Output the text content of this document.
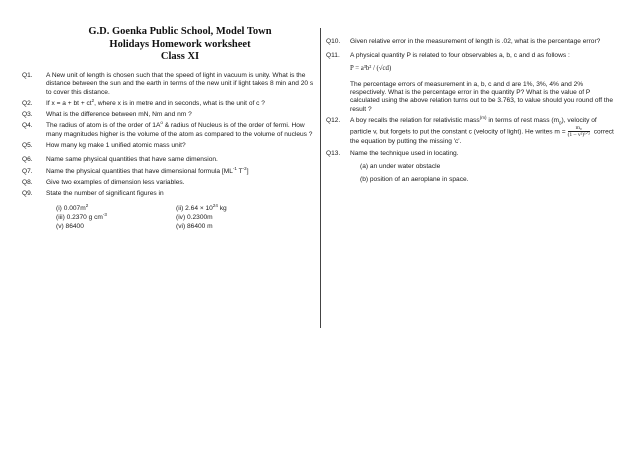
G.D. Goenka Public School, Model Town
Holidays Homework worksheet
Class XI
Q1. A New unit of length is chosen such that the speed of light in vacuum is unity. What is the distance between the sun and the earth in terms of the new unit if light takes 8 min and 20 s to cover this distance.
Q2. If x = a + bt + $ct^2$, where x is in metre and in seconds, what is the unit of c ?
Q3. What is the difference between mN, Nm and nm ?
Q4. The radius of atom is of the order of $1A^o$ & radius of Nucleus is of the order of fermi. How many magnitudes higher is the volume of the atom as compared to the volume of nucleus ?
Q5. How many kg make 1 unified atomic mass unit?
Q6. Name same physical quantities that have same dimension.
Q7. Name the physical quantities that have dimensional formula [$ML^{-1}$ $T^{-2}$]
Q8. Give two examples of dimension less variables.
Q9. State the number of significant figures in
(i) $0.007m^2$	(ii) $2.64 \times 10^{24}$ kg
(iii) 0.2370 g $cm^{-3}$	(iv) 0.2300m
(v) 86400	(vi) 86400 m
Q10. Given relative error in the measurement of length is .02, what is the percentage error?
Q11. A physical quantity P is related to four observables a, b, c and d as follows :
P = a³b² / (√cd)
The percentage errors of measurement in a, b, c and d are 1%, 3%, 4% and 2% respectively. What is the percentage error in the quantity P? What is the value of P calculated using the above relation turns out to be 3.763, to value should you round off the result ?
Q12. A boy recalls the relation for relativistic mass$^{(m)}$ in terms of rest mass $(m_0)$, velocity of particle v, but forgets to put the constant c (velocity of light). He writes $m = \frac{\text{m₀}}{\text{(1 – v²)¹ᐟ²}}$ correct the equation by putting the missing 'c'.
Q13. Name the technique used in locating.
(a) an under water obstacle
(b) position of an aeroplane in space.
